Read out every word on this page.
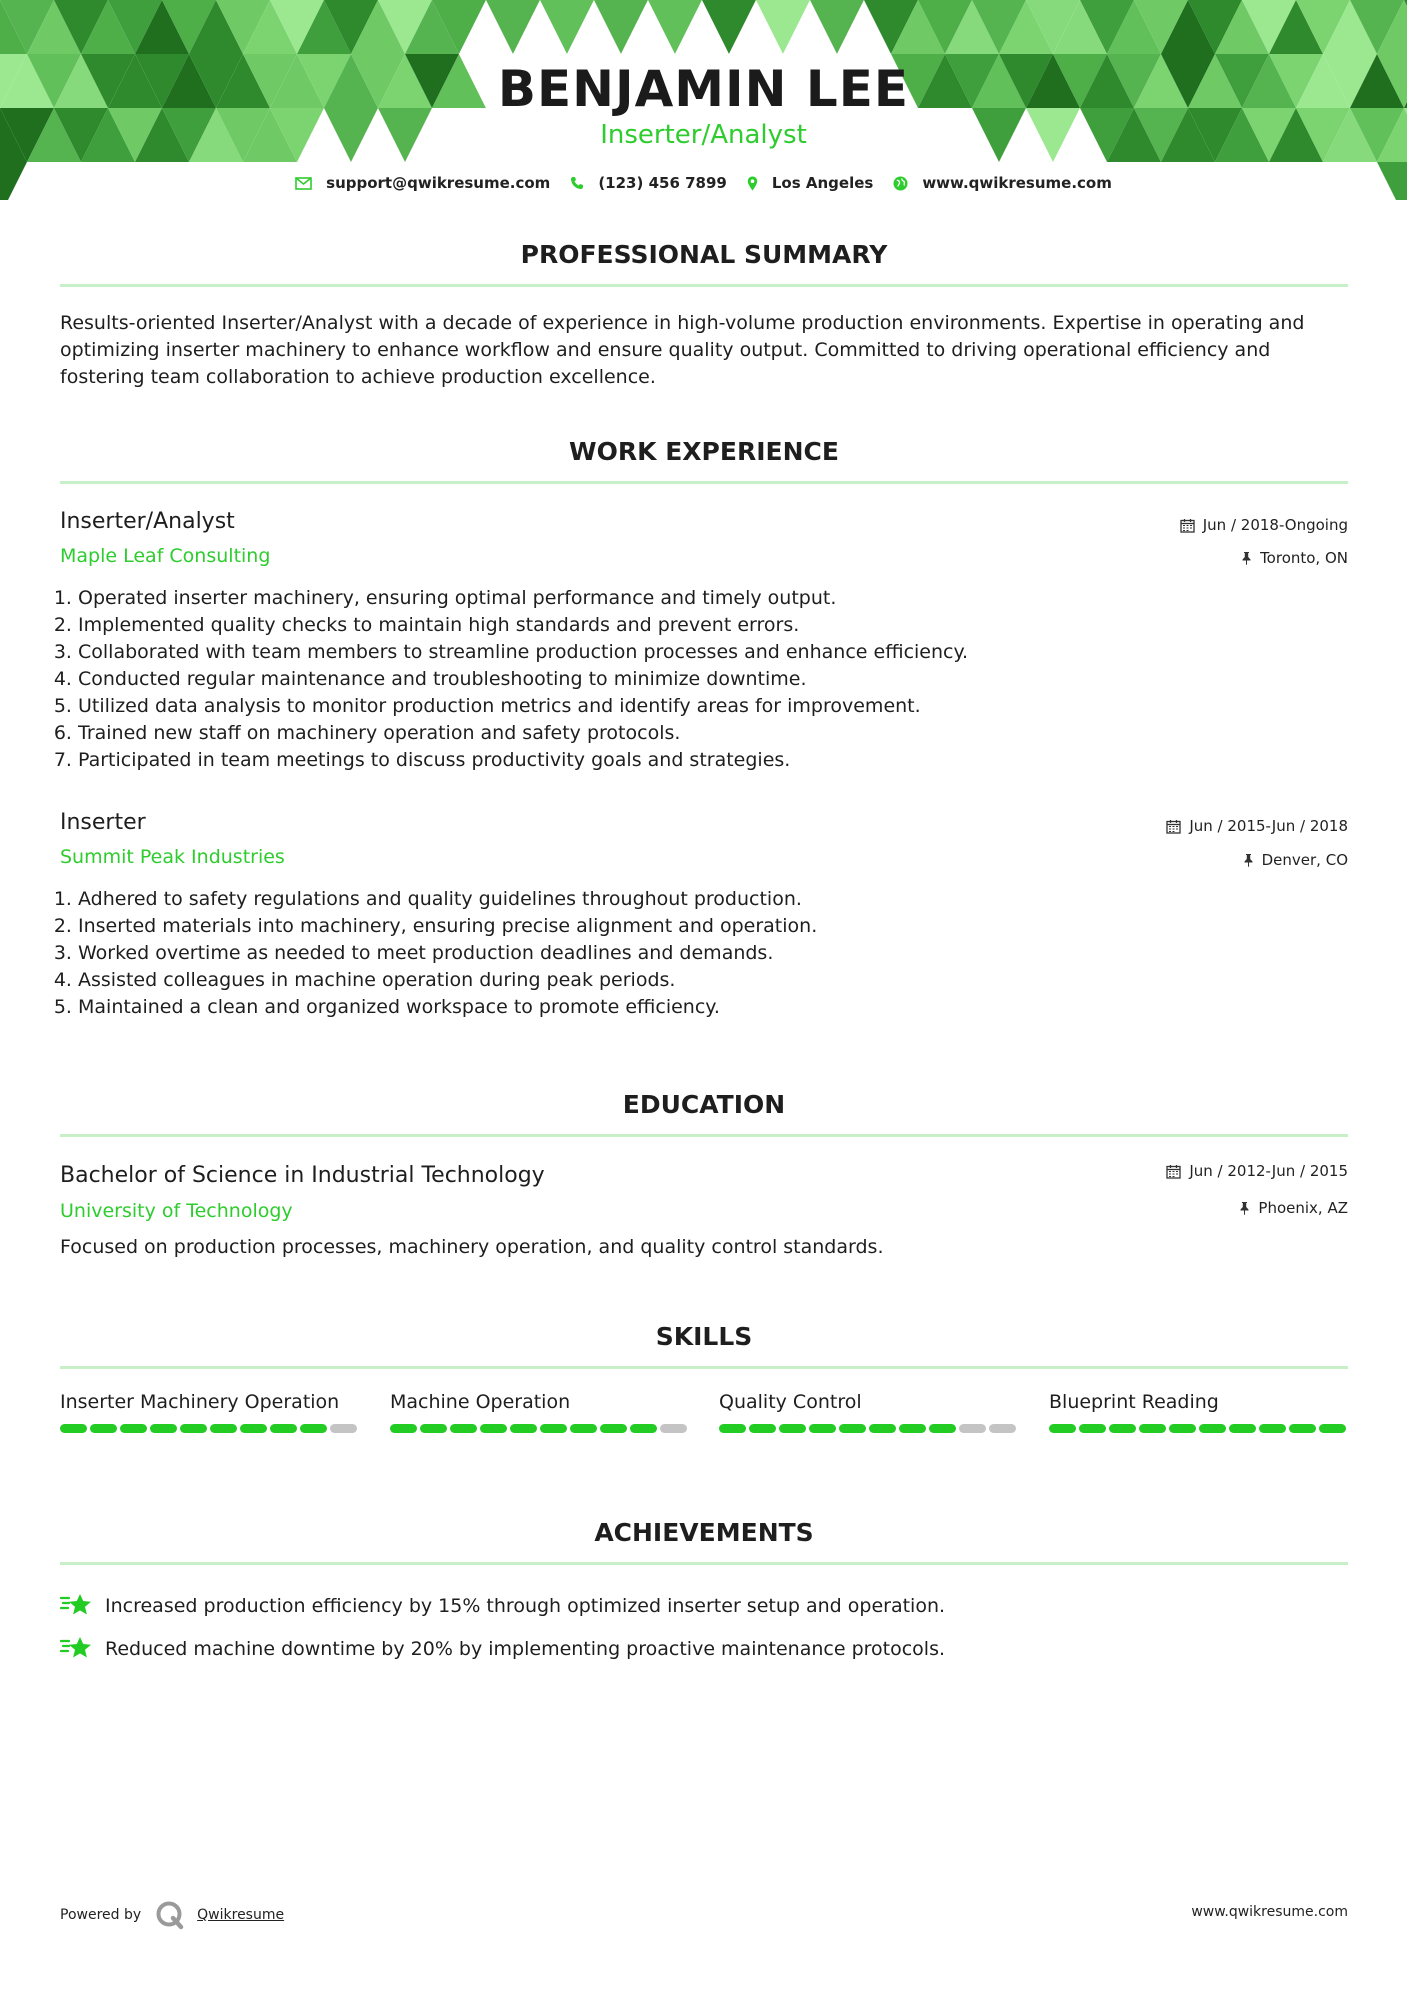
BENJAMIN LEE
Inserter/Analyst
support@qwikresume.com	(123) 456 7899	Los Angeles	www.qwikresume.com
PROFESSIONAL SUMMARY
Results-oriented Inserter/Analyst with a decade of experience in high-volume production environments. Expertise in operating and optimizing inserter machinery to enhance workflow and ensure quality output. Committed to driving operational efficiency and fostering team collaboration to achieve production excellence.
WORK EXPERIENCE
Inserter/Analyst
Maple Leaf Consulting
Jun / 2018-Ongoing
Toronto, ON
1. Operated inserter machinery, ensuring optimal performance and timely output.
2. Implemented quality checks to maintain high standards and prevent errors.
3. Collaborated with team members to streamline production processes and enhance efficiency.
4. Conducted regular maintenance and troubleshooting to minimize downtime.
5. Utilized data analysis to monitor production metrics and identify areas for improvement.
6. Trained new staff on machinery operation and safety protocols.
7. Participated in team meetings to discuss productivity goals and strategies.
Inserter
Summit Peak Industries
Jun / 2015-Jun / 2018
Denver, CO
1. Adhered to safety regulations and quality guidelines throughout production.
2. Inserted materials into machinery, ensuring precise alignment and operation.
3. Worked overtime as needed to meet production deadlines and demands.
4. Assisted colleagues in machine operation during peak periods.
5. Maintained a clean and organized workspace to promote efficiency.
EDUCATION
Bachelor of Science in Industrial Technology
University of Technology
Jun / 2012-Jun / 2015
Phoenix, AZ
Focused on production processes, machinery operation, and quality control standards.
SKILLS
Inserter Machinery Operation	Machine Operation	Quality Control	Blueprint Reading
ACHIEVEMENTS
Increased production efficiency by 15% through optimized inserter setup and operation.
Reduced machine downtime by 20% by implementing proactive maintenance protocols.
Powered by	Qwikresume	www.qwikresume.com
